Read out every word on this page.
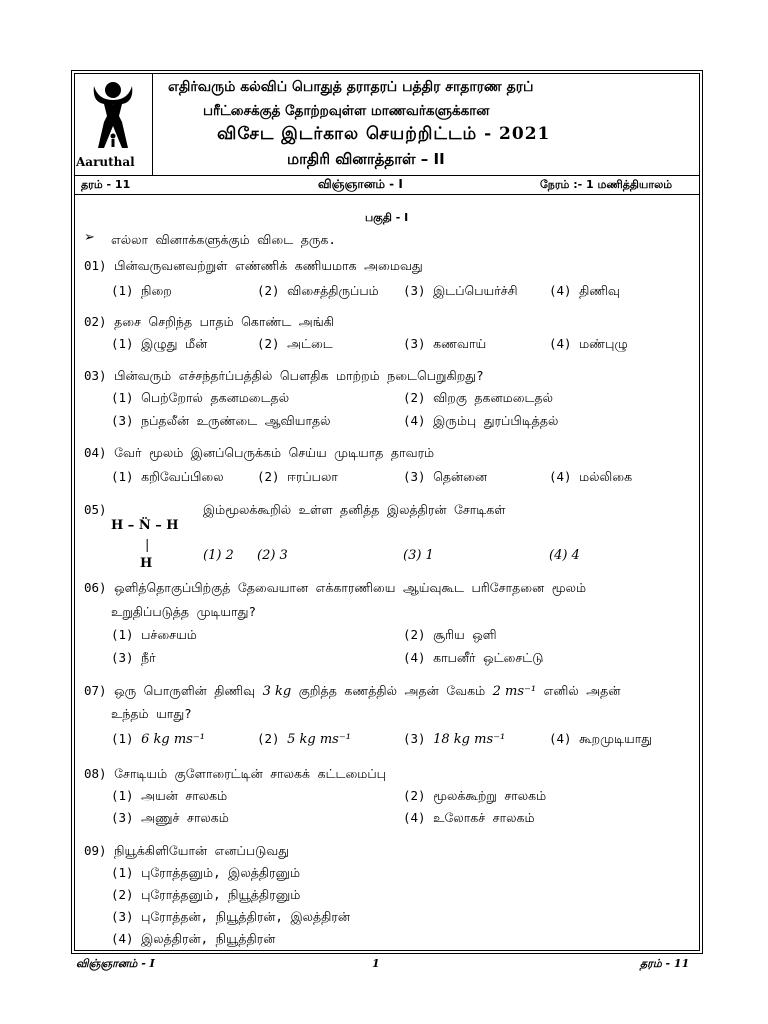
Aaruthal
எதிர்வரும் கல்விப் பொதுத் தராதரப் பத்திர சாதாரண தரப்
பரீட்சைக்குத் தோற்றவுள்ள மாணவர்களுக்கான
விசேட இடர்கால செயற்றிட்டம் - 2021
மாதிரி வினாத்தாள் – II
தரம் - 11	விஞ்ஞானம் - I	நேரம் :- 1 மணித்தியாலம்
பகுதி - I
➢ எல்லா வினாக்களுக்கும் விடை தருக.
01) பின்வருவனவற்றுள் எண்ணிக் கணியமாக அமைவது
(1) நிறை	(2) விசைத்திருப்பம் (3) இடப்பெயர்ச்சி	(4) திணிவு
02) தசை செறிந்த பாதம் கொண்ட அங்கி
(1) இழுது மீன்	(2) அட்டை	(3) கணவாய்	(4) மண்புழு
03) பின்வரும் எச்சந்தர்ப்பத்தில் பௌதிக மாற்றம் நடைபெறுகிறது?
(1) பெற்றோல் தகனமடைதல்	(2) விறகு தகனமடைதல்
(3) நப்தலீன் உருண்டை ஆவியாதல்	(4) இரும்பு துரப்பிடித்தல்
04) வேர் மூலம் இனப்பெருக்கம் செய்ய முடியாத தாவரம்
(1) கறிவேப்பிலை	(2) ஈரப்பலா	(3) தென்னை	(4) மல்லிகை
05)	இம்மூலக்கூறில் உள்ள தனித்த இலத்திரன் சோடிகள்
H – N̈ – H
|
H
(1) 2 (2) 3	(3) 1	(4) 4
06) ஒளித்தொகுப்பிற்குத் தேவையான எக்காரணியை ஆய்வுகூட பரிசோதனை மூலம்
உறுதிப்படுத்த முடியாது?
(1) பச்சையம்	(2) சூரிய ஒளி
(3) நீர்	(4) காபனீர் ஒட்சைட்டு
07) ஒரு பொருளின் திணிவு 3 kg குறித்த கணத்தில் அதன் வேகம் 2 ms⁻¹ எனில் அதன்
உந்தம் யாது?
(1) 6 kg ms⁻¹	(2) 5 kg ms⁻¹	(3) 18 kg ms⁻¹	(4) கூறமுடியாது
08) சோடியம் குளோரைட்டின் சாலகக் கட்டமைப்பு
(1) அயன் சாலகம்	(2) மூலக்கூற்று சாலகம்
(3) அணுச் சாலகம்	(4) உலோகச் சாலகம்
09) நியூக்கிளியோன் எனப்படுவது
(1) புரோத்தனும், இலத்திரனும்
(2) புரோத்தனும், நியூத்திரனும்
(3) புரோத்தன், நியூத்திரன், இலத்திரன்
(4) இலத்திரன், நியூத்திரன்
விஞ்ஞானம் - I	1	தரம் - 11
